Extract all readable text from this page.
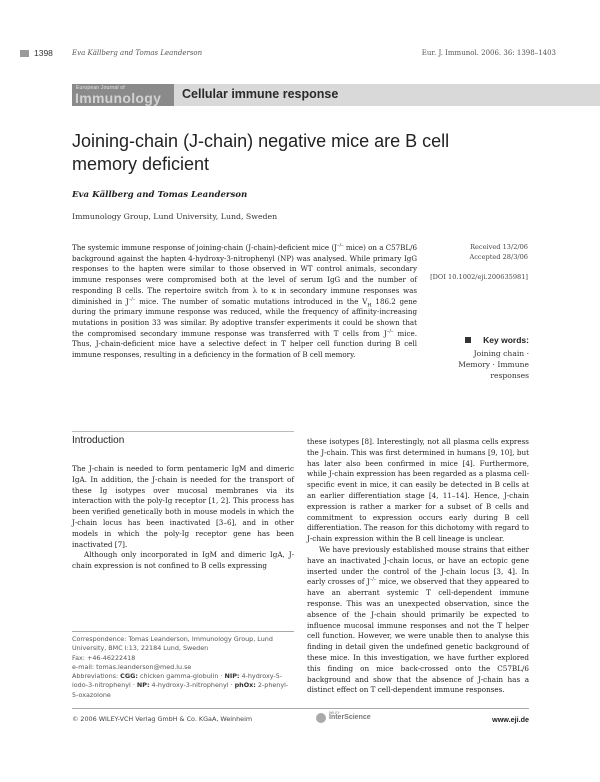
1398	Eva Källberg and Tomas Leanderson	Eur. J. Immunol. 2006. 36: 1398–1403
European Journal of
Immunology Cellular immune response
Joining-chain (J-chain) negative mice are B cell memory deficient
Eva Källberg and Tomas Leanderson
Immunology Group, Lund University, Lund, Sweden
The systemic immune response of joining-chain (J-chain)-deficient mice (J–/– mice) on a C57BL/6 background against the hapten 4-hydroxy-3-nitrophenyl (NP) was analysed. While primary IgG responses to the hapten were similar to those observed in WT control animals, secondary immune responses were compromised both at the level of serum IgG and the number of responding B cells. The repertoire switch from λ to κ in secondary immune responses was diminished in J–/– mice. The number of somatic mutations introduced in the $V_H$ 186.2 gene during the primary immune response was reduced, while the frequency of affinity-increasing mutations in position 33 was similar. By adoptive transfer experiments it could be shown that the compromised secondary immune response was transferred with T cells from J–/– mice. Thus, J-chain-deficient mice have a selective defect in T helper cell function during B cell immune responses, resulting in a deficiency in the formation of B cell memory.
Received 13/2/06
Accepted 28/3/06
[DOI 10.1002/eji.200635981]
Key words:
Joining chain · Memory · Immune responses
Introduction

The J-chain is needed to form pentameric IgM and dimeric IgA. In addition, the J-chain is needed for the transport of these Ig isotypes over mucosal membranes via its interaction with the poly-Ig receptor [1, 2]. This process has been verified genetically both in mouse models in which the J-chain locus has been inactivated [3–6], and in other models in which the poly-Ig receptor gene has been inactivated [7].

Although only incorporated in IgM and dimeric IgA, J-chain expression is not confined to B cells expressing

these isotypes [8]. Interestingly, not all plasma cells express the J-chain. This was first determined in humans [9, 10], but has later also been confirmed in mice [4]. Furthermore, while J-chain expression has been regarded as a plasma cell-specific event in mice, it can easily be detected in B cells at an earlier differentiation stage [4, 11–14]. Hence, J-chain expression is rather a marker for a subset of B cells and commitment to expression occurs early during B cell differentiation. The reason for this dichotomy with regard to J-chain expression within the B cell lineage is unclear.

We have previously established mouse strains that either have an inactivated J-chain locus, or have an ectopic gene inserted under the control of the J-chain locus [3, 4]. In early crosses of J–/– mice, we observed that they appeared to have an aberrant systemic T cell-dependent immune response. This was an unexpected observation, since the absence of the J-chain should primarily be expected to influence mucosal immune responses and not the T helper cell function. However, we were unable then to analyse this finding in detail given the undefined genetic background of these mice. In this investigation, we have further explored this finding on mice back-crossed onto the C57BL/6 background and show that the absence of J-chain has a distinct effect on T cell-dependent immune responses.

Correspondence: Tomas Leanderson, Immunology Group, Lund University, BMC I:13, 22184 Lund, Sweden

Fax: +46-46222418

e-mail: tomas.leanderson@med.lu.se

Abbreviations: CGG: chicken gamma-globulin · NIP: 4-hydroxy-5-iodo-3-nitrophenyl · NP: 4-hydroxy-3-nitrophenyl · phOx: 2-phenyl-5-oxazolone

© 2006 WILEY-VCH Verlag GmbH & Co. KGaA, Weinheim
WILEY
InterScience	www.eji.de
